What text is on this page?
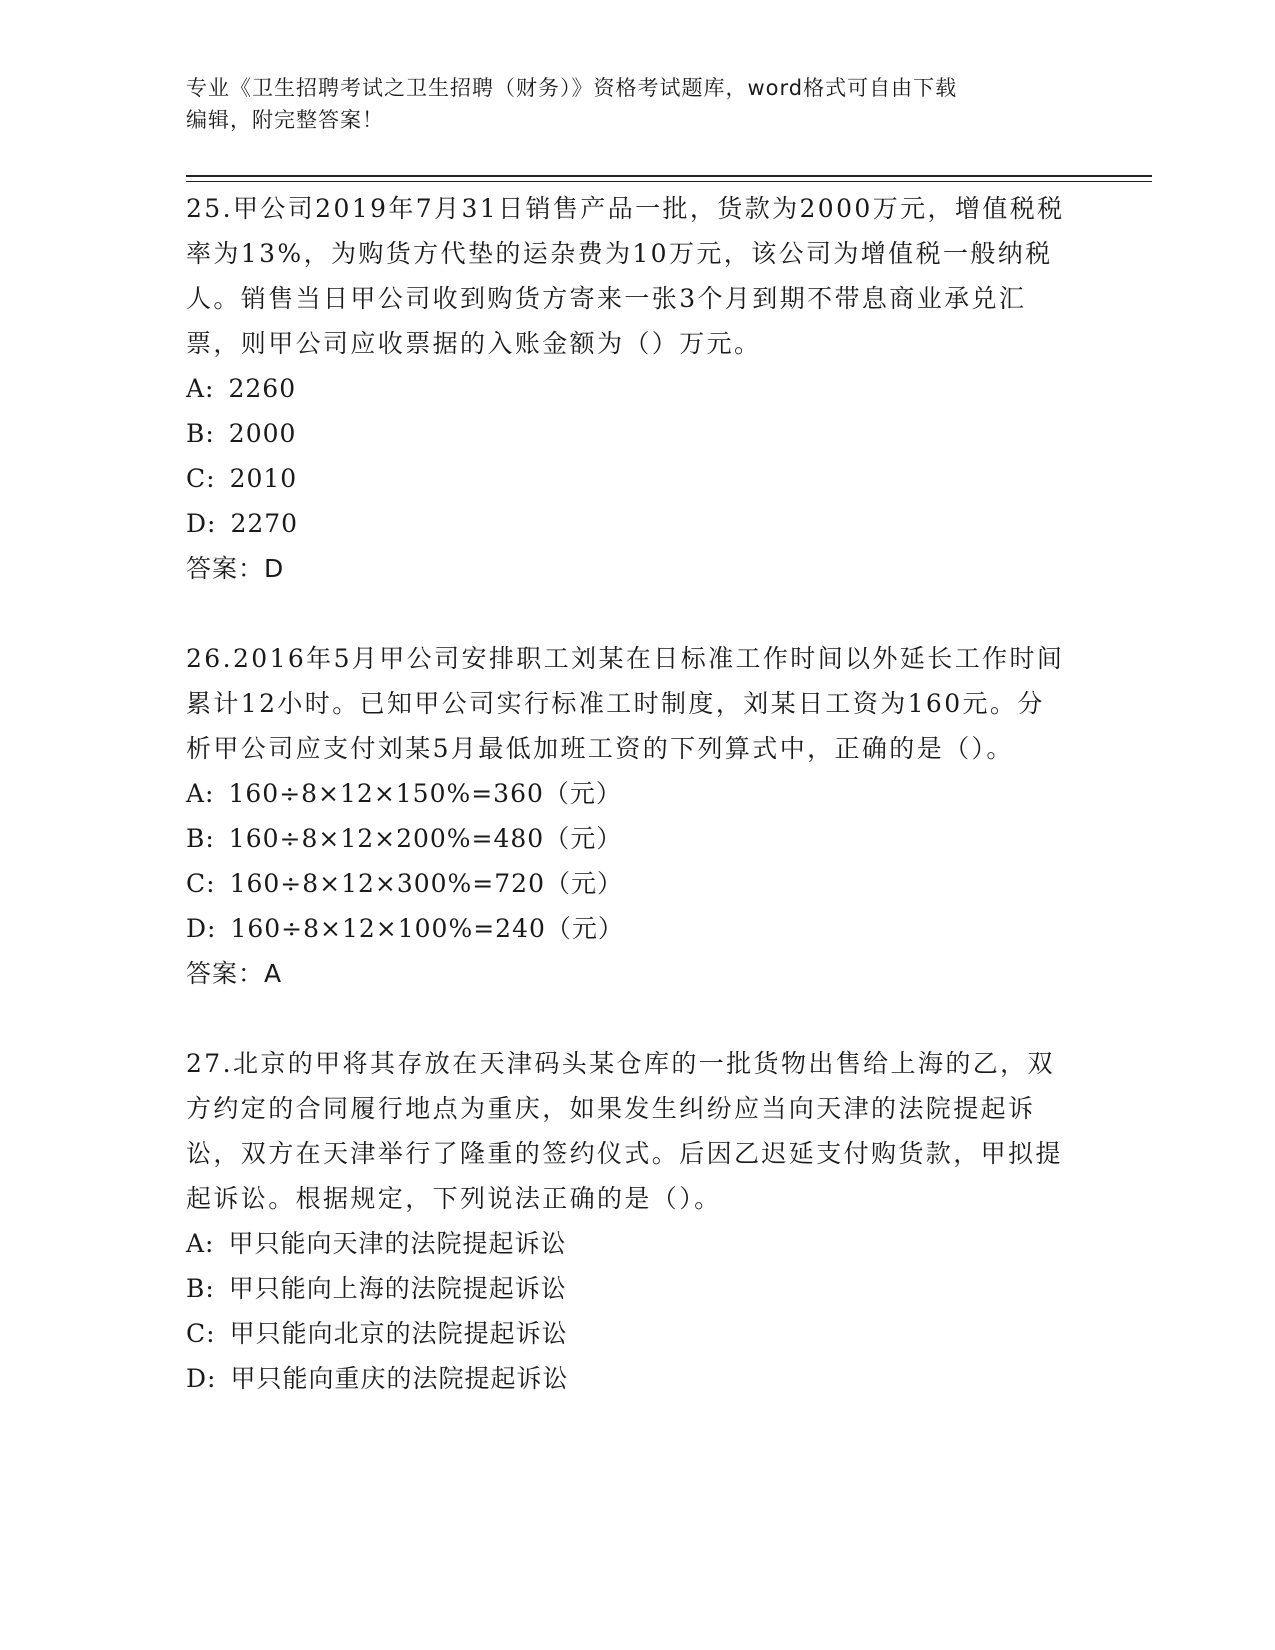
专业《卫生招聘考试之卫生招聘（财务）》资格考试题库，word格式可自由下载
编辑，附完整答案！
25.甲公司2019年7月31日销售产品一批，货款为2000万元，增值税税率为13%，为购货方代垫的运杂费为10万元，该公司为增值税一般纳税人。销售当日甲公司收到购货方寄来一张3个月到期不带息商业承兑汇票，则甲公司应收票据的入账金额为（）万元。
A: 2260
B: 2000
C: 2010
D: 2270
答案：D
26.2016年5月甲公司安排职工刘某在日标准工作时间以外延长工作时间累计12小时。已知甲公司实行标准工时制度，刘某日工资为160元。分析甲公司应支付刘某5月最低加班工资的下列算式中，正确的是（）。
A: 160÷8×12×150%=360（元）
B: 160÷8×12×200%=480（元）
C: 160÷8×12×300%=720（元）
D: 160÷8×12×100%=240（元）
答案：A
27.北京的甲将其存放在天津码头某仓库的一批货物出售给上海的乙，双方约定的合同履行地点为重庆，如果发生纠纷应当向天津的法院提起诉讼，双方在天津举行了隆重的签约仪式。后因乙迟延支付购货款，甲拟提起诉讼。根据规定，下列说法正确的是（）。
A: 甲只能向天津的法院提起诉讼
B: 甲只能向上海的法院提起诉讼
C: 甲只能向北京的法院提起诉讼
D: 甲只能向重庆的法院提起诉讼
